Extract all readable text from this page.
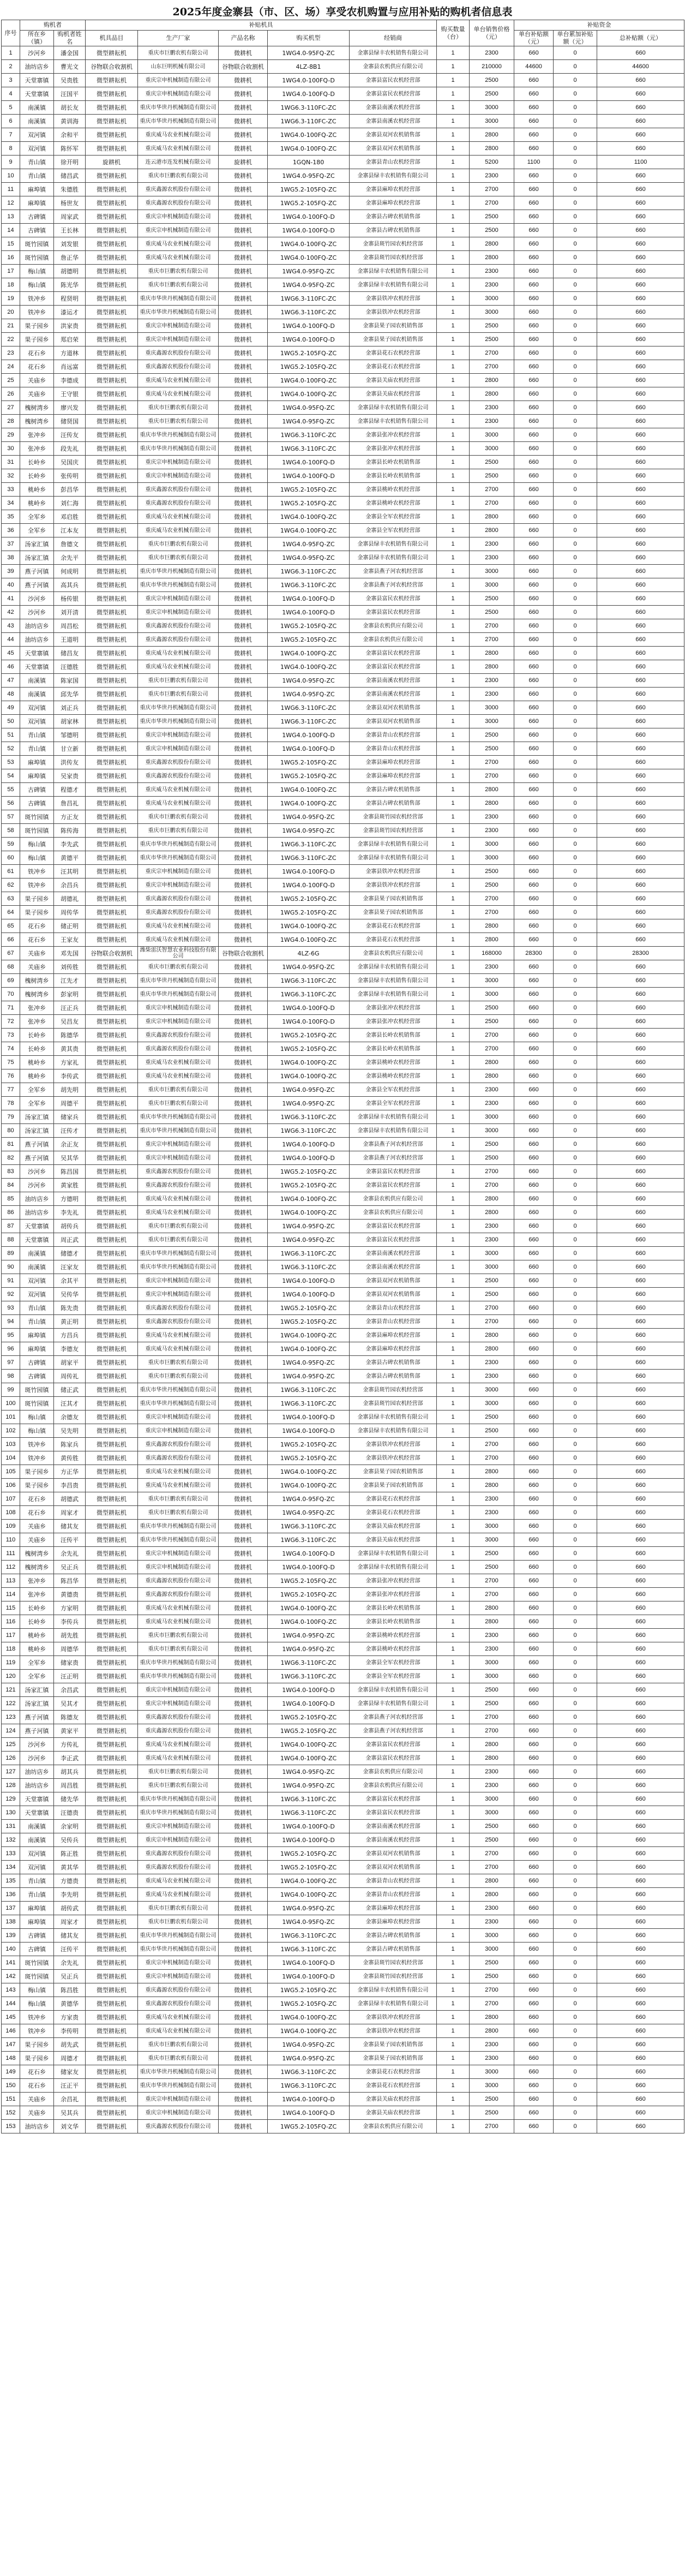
2025年度金寨县（市、区、场）享受农机购置与应用补贴的购机者信息表
序号	购机者		补贴机具					购买数量（台）	单台销售价格（元）	补贴资金		
	所在乡（镇）	购机者姓名	机具品目	生产厂家	产品名称	购买机型	经销商			单台补贴额（元）	单台累加补贴额（元）	总补贴额（元）
1	沙河乡	潘金国	微型耕耘机	重庆市巨鹏农机有限公司	微耕机	1WG4.0-95FQ-ZC	金寨县绿丰农机销售有限公司	1	2300	660	0	660
2	油坊店乡	曹光文	谷物联合收割机	山东巨明机械有限公司	谷物联合收割机	4LZ-8B1	金寨县农机供应有限公司	1	210000	44600	0	44600
3	天堂寨镇	吴贵胜	微型耕耘机	重庆宗申机械制造有限公司	微耕机	1WG4.0-100FQ-D	金寨县富民农机经营部	1	2500	660	0	660
4	天堂寨镇	汪国平	微型耕耘机	重庆宗申机械制造有限公司	微耕机	1WG4.0-100FQ-D	金寨县富民农机经营部	1	2500	660	0	660
5	南溪镇	胡长友	微型耕耘机	重庆市华世丹机械制造有限公司	微耕机	1WG6.3-110FC-ZC	金寨县南溪农机经营部	1	3000	660	0	660
6	南溪镇	黄训海	微型耕耘机	重庆市华世丹机械制造有限公司	微耕机	1WG6.3-110FC-ZC	金寨县南溪农机经营部	1	3000	660	0	660
7	双河镇	余和平	微型耕耘机	重庆威马农业机械有限公司	微耕机	1WG4.0-100FQ-ZC	金寨县双河农机销售部	1	2800	660	0	660
8	双河镇	陈怀军	微型耕耘机	重庆威马农业机械有限公司	微耕机	1WG4.0-100FQ-ZC	金寨县双河农机销售部	1	2800	660	0	660
9	青山镇	徐开明	旋耕机	连云港市连发机械有限公司	旋耕机	1GQN-180	金寨县青山农机经营部	1	5200	1100	0	1100
10	青山镇	储昌武	微型耕耘机	重庆市巨鹏农机有限公司	微耕机	1WG4.0-95FQ-ZC	金寨县绿丰农机销售有限公司	1	2300	660	0	660
11	麻埠镇	朱德胜	微型耕耘机	重庆鑫源农机股份有限公司	微耕机	1WG5.2-105FQ-ZC	金寨县麻埠农机经营部	1	2700	660	0	660
12	麻埠镇	杨世友	微型耕耘机	重庆鑫源农机股份有限公司	微耕机	1WG5.2-105FQ-ZC	金寨县麻埠农机经营部	1	2700	660	0	660
13	古碑镇	周家武	微型耕耘机	重庆宗申机械制造有限公司	微耕机	1WG4.0-100FQ-D	金寨县古碑农机销售部	1	2500	660	0	660
14	古碑镇	王长林	微型耕耘机	重庆宗申机械制造有限公司	微耕机	1WG4.0-100FQ-D	金寨县古碑农机销售部	1	2500	660	0	660
15	斑竹园镇	刘发银	微型耕耘机	重庆威马农业机械有限公司	微耕机	1WG4.0-100FQ-ZC	金寨县斑竹园农机经营部	1	2800	660	0	660
16	斑竹园镇	詹正华	微型耕耘机	重庆威马农业机械有限公司	微耕机	1WG4.0-100FQ-ZC	金寨县斑竹园农机经营部	1	2800	660	0	660
17	梅山镇	胡德明	微型耕耘机	重庆市巨鹏农机有限公司	微耕机	1WG4.0-95FQ-ZC	金寨县绿丰农机销售有限公司	1	2300	660	0	660
18	梅山镇	陈光华	微型耕耘机	重庆市巨鹏农机有限公司	微耕机	1WG4.0-95FQ-ZC	金寨县绿丰农机销售有限公司	1	2300	660	0	660
19	铁冲乡	程贤明	微型耕耘机	重庆市华世丹机械制造有限公司	微耕机	1WG6.3-110FC-ZC	金寨县铁冲农机经营部	1	3000	660	0	660
20	铁冲乡	漆运才	微型耕耘机	重庆市华世丹机械制造有限公司	微耕机	1WG6.3-110FC-ZC	金寨县铁冲农机经营部	1	3000	660	0	660
21	果子园乡	洪家贵	微型耕耘机	重庆宗申机械制造有限公司	微耕机	1WG4.0-100FQ-D	金寨县果子园农机销售部	1	2500	660	0	660
22	果子园乡	郑启荣	微型耕耘机	重庆宗申机械制造有限公司	微耕机	1WG4.0-100FQ-D	金寨县果子园农机销售部	1	2500	660	0	660
23	花石乡	方道林	微型耕耘机	重庆鑫源农机股份有限公司	微耕机	1WG5.2-105FQ-ZC	金寨县花石农机经营部	1	2700	660	0	660
24	花石乡	肖远富	微型耕耘机	重庆鑫源农机股份有限公司	微耕机	1WG5.2-105FQ-ZC	金寨县花石农机经营部	1	2700	660	0	660
25	关庙乡	李德成	微型耕耘机	重庆威马农业机械有限公司	微耕机	1WG4.0-100FQ-ZC	金寨县关庙农机经营部	1	2800	660	0	660
26	关庙乡	王守银	微型耕耘机	重庆威马农业机械有限公司	微耕机	1WG4.0-100FQ-ZC	金寨县关庙农机经营部	1	2800	660	0	660
27	槐树湾乡	廖兴发	微型耕耘机	重庆市巨鹏农机有限公司	微耕机	1WG4.0-95FQ-ZC	金寨县绿丰农机销售有限公司	1	2300	660	0	660
28	槐树湾乡	储贤国	微型耕耘机	重庆市巨鹏农机有限公司	微耕机	1WG4.0-95FQ-ZC	金寨县绿丰农机销售有限公司	1	2300	660	0	660
29	张冲乡	汪传友	微型耕耘机	重庆市华世丹机械制造有限公司	微耕机	1WG6.3-110FC-ZC	金寨县张冲农机经营部	1	3000	660	0	660
30	张冲乡	段先礼	微型耕耘机	重庆市华世丹机械制造有限公司	微耕机	1WG6.3-110FC-ZC	金寨县张冲农机经营部	1	3000	660	0	660
31	长岭乡	吴国庆	微型耕耘机	重庆宗申机械制造有限公司	微耕机	1WG4.0-100FQ-D	金寨县长岭农机销售部	1	2500	660	0	660
32	长岭乡	张传明	微型耕耘机	重庆宗申机械制造有限公司	微耕机	1WG4.0-100FQ-D	金寨县长岭农机销售部	1	2500	660	0	660
33	桃岭乡	彭昌华	微型耕耘机	重庆鑫源农机股份有限公司	微耕机	1WG5.2-105FQ-ZC	金寨县桃岭农机经营部	1	2700	660	0	660
34	桃岭乡	刘仁海	微型耕耘机	重庆鑫源农机股份有限公司	微耕机	1WG5.2-105FQ-ZC	金寨县桃岭农机经营部	1	2700	660	0	660
35	全军乡	邓启胜	微型耕耘机	重庆威马农业机械有限公司	微耕机	1WG4.0-100FQ-ZC	金寨县全军农机经营部	1	2800	660	0	660
36	全军乡	江本友	微型耕耘机	重庆威马农业机械有限公司	微耕机	1WG4.0-100FQ-ZC	金寨县全军农机经营部	1	2800	660	0	660
37	汤家汇镇	詹德文	微型耕耘机	重庆市巨鹏农机有限公司	微耕机	1WG4.0-95FQ-ZC	金寨县绿丰农机销售有限公司	1	2300	660	0	660
38	汤家汇镇	余先平	微型耕耘机	重庆市巨鹏农机有限公司	微耕机	1WG4.0-95FQ-ZC	金寨县绿丰农机销售有限公司	1	2300	660	0	660
39	燕子河镇	何成明	微型耕耘机	重庆市华世丹机械制造有限公司	微耕机	1WG6.3-110FC-ZC	金寨县燕子河农机经营部	1	3000	660	0	660
40	燕子河镇	高其兵	微型耕耘机	重庆市华世丹机械制造有限公司	微耕机	1WG6.3-110FC-ZC	金寨县燕子河农机经营部	1	3000	660	0	660
41	沙河乡	杨传银	微型耕耘机	重庆宗申机械制造有限公司	微耕机	1WG4.0-100FQ-D	金寨县富民农机经营部	1	2500	660	0	660
42	沙河乡	刘开清	微型耕耘机	重庆宗申机械制造有限公司	微耕机	1WG4.0-100FQ-D	金寨县富民农机经营部	1	2500	660	0	660
43	油坊店乡	周昌松	微型耕耘机	重庆鑫源农机股份有限公司	微耕机	1WG5.2-105FQ-ZC	金寨县农机供应有限公司	1	2700	660	0	660
44	油坊店乡	王道明	微型耕耘机	重庆鑫源农机股份有限公司	微耕机	1WG5.2-105FQ-ZC	金寨县农机供应有限公司	1	2700	660	0	660
45	天堂寨镇	储昌友	微型耕耘机	重庆威马农业机械有限公司	微耕机	1WG4.0-100FQ-ZC	金寨县富民农机经营部	1	2800	660	0	660
46	天堂寨镇	汪德胜	微型耕耘机	重庆威马农业机械有限公司	微耕机	1WG4.0-100FQ-ZC	金寨县富民农机经营部	1	2800	660	0	660
47	南溪镇	陈家国	微型耕耘机	重庆市巨鹏农机有限公司	微耕机	1WG4.0-95FQ-ZC	金寨县南溪农机经营部	1	2300	660	0	660
48	南溪镇	邱先华	微型耕耘机	重庆市巨鹏农机有限公司	微耕机	1WG4.0-95FQ-ZC	金寨县南溪农机经营部	1	2300	660	0	660
49	双河镇	刘正兵	微型耕耘机	重庆市华世丹机械制造有限公司	微耕机	1WG6.3-110FC-ZC	金寨县双河农机销售部	1	3000	660	0	660
50	双河镇	胡家林	微型耕耘机	重庆市华世丹机械制造有限公司	微耕机	1WG6.3-110FC-ZC	金寨县双河农机销售部	1	3000	660	0	660
51	青山镇	邹德明	微型耕耘机	重庆宗申机械制造有限公司	微耕机	1WG4.0-100FQ-D	金寨县青山农机经营部	1	2500	660	0	660
52	青山镇	甘立新	微型耕耘机	重庆宗申机械制造有限公司	微耕机	1WG4.0-100FQ-D	金寨县青山农机经营部	1	2500	660	0	660
53	麻埠镇	洪传友	微型耕耘机	重庆鑫源农机股份有限公司	微耕机	1WG5.2-105FQ-ZC	金寨县麻埠农机经营部	1	2700	660	0	660
54	麻埠镇	吴家贵	微型耕耘机	重庆鑫源农机股份有限公司	微耕机	1WG5.2-105FQ-ZC	金寨县麻埠农机经营部	1	2700	660	0	660
55	古碑镇	程德才	微型耕耘机	重庆威马农业机械有限公司	微耕机	1WG4.0-100FQ-ZC	金寨县古碑农机销售部	1	2800	660	0	660
56	古碑镇	詹昌礼	微型耕耘机	重庆威马农业机械有限公司	微耕机	1WG4.0-100FQ-ZC	金寨县古碑农机销售部	1	2800	660	0	660
57	斑竹园镇	方正友	微型耕耘机	重庆市巨鹏农机有限公司	微耕机	1WG4.0-95FQ-ZC	金寨县斑竹园农机经营部	1	2300	660	0	660
58	斑竹园镇	陈传海	微型耕耘机	重庆市巨鹏农机有限公司	微耕机	1WG4.0-95FQ-ZC	金寨县斑竹园农机经营部	1	2300	660	0	660
59	梅山镇	李先武	微型耕耘机	重庆市华世丹机械制造有限公司	微耕机	1WG6.3-110FC-ZC	金寨县绿丰农机销售有限公司	1	3000	660	0	660
60	梅山镇	黄德平	微型耕耘机	重庆市华世丹机械制造有限公司	微耕机	1WG6.3-110FC-ZC	金寨县绿丰农机销售有限公司	1	3000	660	0	660
61	铁冲乡	汪其明	微型耕耘机	重庆宗申机械制造有限公司	微耕机	1WG4.0-100FQ-D	金寨县铁冲农机经营部	1	2500	660	0	660
62	铁冲乡	余昌兵	微型耕耘机	重庆宗申机械制造有限公司	微耕机	1WG4.0-100FQ-D	金寨县铁冲农机经营部	1	2500	660	0	660
63	果子园乡	胡德礼	微型耕耘机	重庆鑫源农机股份有限公司	微耕机	1WG5.2-105FQ-ZC	金寨县果子园农机销售部	1	2700	660	0	660
64	果子园乡	周传华	微型耕耘机	重庆鑫源农机股份有限公司	微耕机	1WG5.2-105FQ-ZC	金寨县果子园农机销售部	1	2700	660	0	660
65	花石乡	储正明	微型耕耘机	重庆威马农业机械有限公司	微耕机	1WG4.0-100FQ-ZC	金寨县花石农机经营部	1	2800	660	0	660
66	花石乡	王家友	微型耕耘机	重庆威马农业机械有限公司	微耕机	1WG4.0-100FQ-ZC	金寨县花石农机经营部	1	2800	660	0	660
67	关庙乡	邓先国	谷物联合收割机	潍柴雷沃智慧农业科技股份有限公司	谷物联合收割机	4LZ-6G	金寨县农机供应有限公司	1	168000	28300	0	28300
68	关庙乡	刘传胜	微型耕耘机	重庆市巨鹏农机有限公司	微耕机	1WG4.0-95FQ-ZC	金寨县绿丰农机销售有限公司	1	2300	660	0	660
69	槐树湾乡	江先才	微型耕耘机	重庆市华世丹机械制造有限公司	微耕机	1WG6.3-110FC-ZC	金寨县绿丰农机销售有限公司	1	3000	660	0	660
70	槐树湾乡	彭家明	微型耕耘机	重庆市华世丹机械制造有限公司	微耕机	1WG6.3-110FC-ZC	金寨县绿丰农机销售有限公司	1	3000	660	0	660
71	张冲乡	汪正兵	微型耕耘机	重庆宗申机械制造有限公司	微耕机	1WG4.0-100FQ-D	金寨县张冲农机经营部	1	2500	660	0	660
72	张冲乡	吴昌友	微型耕耘机	重庆宗申机械制造有限公司	微耕机	1WG4.0-100FQ-D	金寨县张冲农机经营部	1	2500	660	0	660
73	长岭乡	陈德华	微型耕耘机	重庆鑫源农机股份有限公司	微耕机	1WG5.2-105FQ-ZC	金寨县长岭农机销售部	1	2700	660	0	660
74	长岭乡	黄其贵	微型耕耘机	重庆鑫源农机股份有限公司	微耕机	1WG5.2-105FQ-ZC	金寨县长岭农机销售部	1	2700	660	0	660
75	桃岭乡	方家礼	微型耕耘机	重庆威马农业机械有限公司	微耕机	1WG4.0-100FQ-ZC	金寨县桃岭农机经营部	1	2800	660	0	660
76	桃岭乡	李传武	微型耕耘机	重庆威马农业机械有限公司	微耕机	1WG4.0-100FQ-ZC	金寨县桃岭农机经营部	1	2800	660	0	660
77	全军乡	胡先明	微型耕耘机	重庆市巨鹏农机有限公司	微耕机	1WG4.0-95FQ-ZC	金寨县全军农机经营部	1	2300	660	0	660
78	全军乡	周德平	微型耕耘机	重庆市巨鹏农机有限公司	微耕机	1WG4.0-95FQ-ZC	金寨县全军农机经营部	1	2300	660	0	660
79	汤家汇镇	储家兵	微型耕耘机	重庆市华世丹机械制造有限公司	微耕机	1WG6.3-110FC-ZC	金寨县绿丰农机销售有限公司	1	3000	660	0	660
80	汤家汇镇	汪传才	微型耕耘机	重庆市华世丹机械制造有限公司	微耕机	1WG6.3-110FC-ZC	金寨县绿丰农机销售有限公司	1	3000	660	0	660
81	燕子河镇	余正友	微型耕耘机	重庆宗申机械制造有限公司	微耕机	1WG4.0-100FQ-D	金寨县燕子河农机经营部	1	2500	660	0	660
82	燕子河镇	吴其华	微型耕耘机	重庆宗申机械制造有限公司	微耕机	1WG4.0-100FQ-D	金寨县燕子河农机经营部	1	2500	660	0	660
83	沙河乡	陈昌国	微型耕耘机	重庆鑫源农机股份有限公司	微耕机	1WG5.2-105FQ-ZC	金寨县富民农机经营部	1	2700	660	0	660
84	沙河乡	黄家胜	微型耕耘机	重庆鑫源农机股份有限公司	微耕机	1WG5.2-105FQ-ZC	金寨县富民农机经营部	1	2700	660	0	660
85	油坊店乡	方德明	微型耕耘机	重庆威马农业机械有限公司	微耕机	1WG4.0-100FQ-ZC	金寨县农机供应有限公司	1	2800	660	0	660
86	油坊店乡	李先礼	微型耕耘机	重庆威马农业机械有限公司	微耕机	1WG4.0-100FQ-ZC	金寨县农机供应有限公司	1	2800	660	0	660
87	天堂寨镇	胡传兵	微型耕耘机	重庆市巨鹏农机有限公司	微耕机	1WG4.0-95FQ-ZC	金寨县富民农机经营部	1	2300	660	0	660
88	天堂寨镇	周正武	微型耕耘机	重庆市巨鹏农机有限公司	微耕机	1WG4.0-95FQ-ZC	金寨县富民农机经营部	1	2300	660	0	660
89	南溪镇	储德才	微型耕耘机	重庆市华世丹机械制造有限公司	微耕机	1WG6.3-110FC-ZC	金寨县南溪农机经营部	1	3000	660	0	660
90	南溪镇	汪家友	微型耕耘机	重庆市华世丹机械制造有限公司	微耕机	1WG6.3-110FC-ZC	金寨县南溪农机经营部	1	3000	660	0	660
91	双河镇	余其平	微型耕耘机	重庆宗申机械制造有限公司	微耕机	1WG4.0-100FQ-D	金寨县双河农机销售部	1	2500	660	0	660
92	双河镇	吴传华	微型耕耘机	重庆宗申机械制造有限公司	微耕机	1WG4.0-100FQ-D	金寨县双河农机销售部	1	2500	660	0	660
93	青山镇	陈先贵	微型耕耘机	重庆鑫源农机股份有限公司	微耕机	1WG5.2-105FQ-ZC	金寨县青山农机经营部	1	2700	660	0	660
94	青山镇	黄正明	微型耕耘机	重庆鑫源农机股份有限公司	微耕机	1WG5.2-105FQ-ZC	金寨县青山农机经营部	1	2700	660	0	660
95	麻埠镇	方昌兵	微型耕耘机	重庆威马农业机械有限公司	微耕机	1WG4.0-100FQ-ZC	金寨县麻埠农机经营部	1	2800	660	0	660
96	麻埠镇	李德友	微型耕耘机	重庆威马农业机械有限公司	微耕机	1WG4.0-100FQ-ZC	金寨县麻埠农机经营部	1	2800	660	0	660
97	古碑镇	胡家平	微型耕耘机	重庆市巨鹏农机有限公司	微耕机	1WG4.0-95FQ-ZC	金寨县古碑农机销售部	1	2300	660	0	660
98	古碑镇	周传礼	微型耕耘机	重庆市巨鹏农机有限公司	微耕机	1WG4.0-95FQ-ZC	金寨县古碑农机销售部	1	2300	660	0	660
99	斑竹园镇	储正武	微型耕耘机	重庆市华世丹机械制造有限公司	微耕机	1WG6.3-110FC-ZC	金寨县斑竹园农机经营部	1	3000	660	0	660
100	斑竹园镇	汪其才	微型耕耘机	重庆市华世丹机械制造有限公司	微耕机	1WG6.3-110FC-ZC	金寨县斑竹园农机经营部	1	3000	660	0	660
101	梅山镇	余德友	微型耕耘机	重庆宗申机械制造有限公司	微耕机	1WG4.0-100FQ-D	金寨县绿丰农机销售有限公司	1	2500	660	0	660
102	梅山镇	吴先明	微型耕耘机	重庆宗申机械制造有限公司	微耕机	1WG4.0-100FQ-D	金寨县绿丰农机销售有限公司	1	2500	660	0	660
103	铁冲乡	陈家兵	微型耕耘机	重庆鑫源农机股份有限公司	微耕机	1WG5.2-105FQ-ZC	金寨县铁冲农机经营部	1	2700	660	0	660
104	铁冲乡	黄传胜	微型耕耘机	重庆鑫源农机股份有限公司	微耕机	1WG5.2-105FQ-ZC	金寨县铁冲农机经营部	1	2700	660	0	660
105	果子园乡	方正华	微型耕耘机	重庆威马农业机械有限公司	微耕机	1WG4.0-100FQ-ZC	金寨县果子园农机销售部	1	2800	660	0	660
106	果子园乡	李昌贵	微型耕耘机	重庆威马农业机械有限公司	微耕机	1WG4.0-100FQ-ZC	金寨县果子园农机销售部	1	2800	660	0	660
107	花石乡	胡德武	微型耕耘机	重庆市巨鹏农机有限公司	微耕机	1WG4.0-95FQ-ZC	金寨县花石农机经营部	1	2300	660	0	660
108	花石乡	周家才	微型耕耘机	重庆市巨鹏农机有限公司	微耕机	1WG4.0-95FQ-ZC	金寨县花石农机经营部	1	2300	660	0	660
109	关庙乡	储其友	微型耕耘机	重庆市华世丹机械制造有限公司	微耕机	1WG6.3-110FC-ZC	金寨县关庙农机经营部	1	3000	660	0	660
110	关庙乡	汪传平	微型耕耘机	重庆市华世丹机械制造有限公司	微耕机	1WG6.3-110FC-ZC	金寨县关庙农机经营部	1	3000	660	0	660
111	槐树湾乡	余先礼	微型耕耘机	重庆宗申机械制造有限公司	微耕机	1WG4.0-100FQ-D	金寨县绿丰农机销售有限公司	1	2500	660	0	660
112	槐树湾乡	吴正兵	微型耕耘机	重庆宗申机械制造有限公司	微耕机	1WG4.0-100FQ-D	金寨县绿丰农机销售有限公司	1	2500	660	0	660
113	张冲乡	陈昌华	微型耕耘机	重庆鑫源农机股份有限公司	微耕机	1WG5.2-105FQ-ZC	金寨县张冲农机经营部	1	2700	660	0	660
114	张冲乡	黄德贵	微型耕耘机	重庆鑫源农机股份有限公司	微耕机	1WG5.2-105FQ-ZC	金寨县张冲农机经营部	1	2700	660	0	660
115	长岭乡	方家明	微型耕耘机	重庆威马农业机械有限公司	微耕机	1WG4.0-100FQ-ZC	金寨县长岭农机销售部	1	2800	660	0	660
116	长岭乡	李传兵	微型耕耘机	重庆威马农业机械有限公司	微耕机	1WG4.0-100FQ-ZC	金寨县长岭农机销售部	1	2800	660	0	660
117	桃岭乡	胡先胜	微型耕耘机	重庆市巨鹏农机有限公司	微耕机	1WG4.0-95FQ-ZC	金寨县桃岭农机经营部	1	2300	660	0	660
118	桃岭乡	周德华	微型耕耘机	重庆市巨鹏农机有限公司	微耕机	1WG4.0-95FQ-ZC	金寨县桃岭农机经营部	1	2300	660	0	660
119	全军乡	储家贵	微型耕耘机	重庆市华世丹机械制造有限公司	微耕机	1WG6.3-110FC-ZC	金寨县全军农机经营部	1	3000	660	0	660
120	全军乡	汪正明	微型耕耘机	重庆市华世丹机械制造有限公司	微耕机	1WG6.3-110FC-ZC	金寨县全军农机经营部	1	3000	660	0	660
121	汤家汇镇	余昌武	微型耕耘机	重庆宗申机械制造有限公司	微耕机	1WG4.0-100FQ-D	金寨县绿丰农机销售有限公司	1	2500	660	0	660
122	汤家汇镇	吴其才	微型耕耘机	重庆宗申机械制造有限公司	微耕机	1WG4.0-100FQ-D	金寨县绿丰农机销售有限公司	1	2500	660	0	660
123	燕子河镇	陈德友	微型耕耘机	重庆鑫源农机股份有限公司	微耕机	1WG5.2-105FQ-ZC	金寨县燕子河农机经营部	1	2700	660	0	660
124	燕子河镇	黄家平	微型耕耘机	重庆鑫源农机股份有限公司	微耕机	1WG5.2-105FQ-ZC	金寨县燕子河农机经营部	1	2700	660	0	660
125	沙河乡	方传礼	微型耕耘机	重庆威马农业机械有限公司	微耕机	1WG4.0-100FQ-ZC	金寨县富民农机经营部	1	2800	660	0	660
126	沙河乡	李正武	微型耕耘机	重庆威马农业机械有限公司	微耕机	1WG4.0-100FQ-ZC	金寨县富民农机经营部	1	2800	660	0	660
127	油坊店乡	胡其兵	微型耕耘机	重庆市巨鹏农机有限公司	微耕机	1WG4.0-95FQ-ZC	金寨县农机供应有限公司	1	2300	660	0	660
128	油坊店乡	周昌胜	微型耕耘机	重庆市巨鹏农机有限公司	微耕机	1WG4.0-95FQ-ZC	金寨县农机供应有限公司	1	2300	660	0	660
129	天堂寨镇	储先华	微型耕耘机	重庆市华世丹机械制造有限公司	微耕机	1WG6.3-110FC-ZC	金寨县富民农机经营部	1	3000	660	0	660
130	天堂寨镇	汪德贵	微型耕耘机	重庆市华世丹机械制造有限公司	微耕机	1WG6.3-110FC-ZC	金寨县富民农机经营部	1	3000	660	0	660
131	南溪镇	余家明	微型耕耘机	重庆宗申机械制造有限公司	微耕机	1WG4.0-100FQ-D	金寨县南溪农机经营部	1	2500	660	0	660
132	南溪镇	吴传兵	微型耕耘机	重庆宗申机械制造有限公司	微耕机	1WG4.0-100FQ-D	金寨县南溪农机经营部	1	2500	660	0	660
133	双河镇	陈正胜	微型耕耘机	重庆鑫源农机股份有限公司	微耕机	1WG5.2-105FQ-ZC	金寨县双河农机销售部	1	2700	660	0	660
134	双河镇	黄其华	微型耕耘机	重庆鑫源农机股份有限公司	微耕机	1WG5.2-105FQ-ZC	金寨县双河农机销售部	1	2700	660	0	660
135	青山镇	方德贵	微型耕耘机	重庆威马农业机械有限公司	微耕机	1WG4.0-100FQ-ZC	金寨县青山农机经营部	1	2800	660	0	660
136	青山镇	李先明	微型耕耘机	重庆威马农业机械有限公司	微耕机	1WG4.0-100FQ-ZC	金寨县青山农机经营部	1	2800	660	0	660
137	麻埠镇	胡传武	微型耕耘机	重庆市巨鹏农机有限公司	微耕机	1WG4.0-95FQ-ZC	金寨县麻埠农机经营部	1	2300	660	0	660
138	麻埠镇	周家才	微型耕耘机	重庆市巨鹏农机有限公司	微耕机	1WG4.0-95FQ-ZC	金寨县麻埠农机经营部	1	2300	660	0	660
139	古碑镇	储其友	微型耕耘机	重庆市华世丹机械制造有限公司	微耕机	1WG6.3-110FC-ZC	金寨县古碑农机销售部	1	3000	660	0	660
140	古碑镇	汪传平	微型耕耘机	重庆市华世丹机械制造有限公司	微耕机	1WG6.3-110FC-ZC	金寨县古碑农机销售部	1	3000	660	0	660
141	斑竹园镇	余先礼	微型耕耘机	重庆宗申机械制造有限公司	微耕机	1WG4.0-100FQ-D	金寨县斑竹园农机经营部	1	2500	660	0	660
142	斑竹园镇	吴正兵	微型耕耘机	重庆宗申机械制造有限公司	微耕机	1WG4.0-100FQ-D	金寨县斑竹园农机经营部	1	2500	660	0	660
143	梅山镇	陈昌胜	微型耕耘机	重庆鑫源农机股份有限公司	微耕机	1WG5.2-105FQ-ZC	金寨县绿丰农机销售有限公司	1	2700	660	0	660
144	梅山镇	黄德华	微型耕耘机	重庆鑫源农机股份有限公司	微耕机	1WG5.2-105FQ-ZC	金寨县绿丰农机销售有限公司	1	2700	660	0	660
145	铁冲乡	方家贵	微型耕耘机	重庆威马农业机械有限公司	微耕机	1WG4.0-100FQ-ZC	金寨县铁冲农机经营部	1	2800	660	0	660
146	铁冲乡	李传明	微型耕耘机	重庆威马农业机械有限公司	微耕机	1WG4.0-100FQ-ZC	金寨县铁冲农机经营部	1	2800	660	0	660
147	果子园乡	胡先武	微型耕耘机	重庆市巨鹏农机有限公司	微耕机	1WG4.0-95FQ-ZC	金寨县果子园农机销售部	1	2300	660	0	660
148	果子园乡	周德才	微型耕耘机	重庆市巨鹏农机有限公司	微耕机	1WG4.0-95FQ-ZC	金寨县果子园农机销售部	1	2300	660	0	660
149	花石乡	储家友	微型耕耘机	重庆市华世丹机械制造有限公司	微耕机	1WG6.3-110FC-ZC	金寨县花石农机经营部	1	3000	660	0	660
150	花石乡	汪正平	微型耕耘机	重庆市华世丹机械制造有限公司	微耕机	1WG6.3-110FC-ZC	金寨县花石农机经营部	1	3000	660	0	660
151	关庙乡	余昌礼	微型耕耘机	重庆宗申机械制造有限公司	微耕机	1WG4.0-100FQ-D	金寨县关庙农机经营部	1	2500	660	0	660
152	关庙乡	吴其兵	微型耕耘机	重庆宗申机械制造有限公司	微耕机	1WG4.0-100FQ-D	金寨县关庙农机经营部	1	2500	660	0	660
153	油坊店乡	刘文华	微型耕耘机	重庆鑫源农机股份有限公司	微耕机	1WG5.2-105FQ-ZC	金寨县农机供应有限公司	1	2700	660	0	660
